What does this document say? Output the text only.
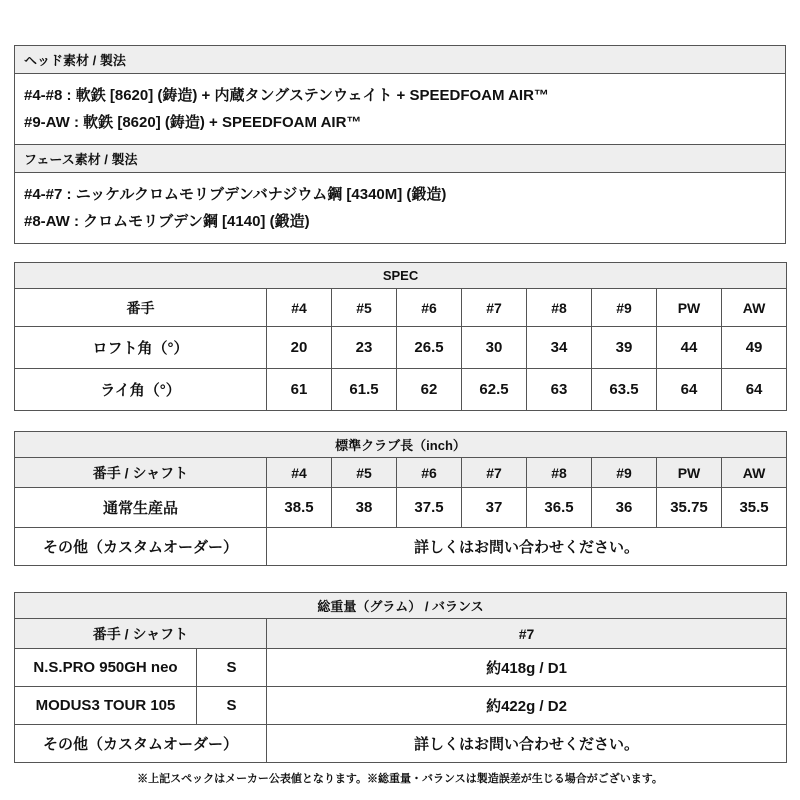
ヘッド素材 / 製法

#4-#8 : 軟鉄 [8620] (鋳造) + 内蔵タングステンウェイト + SPEEDFOAM AIR™
#9-AW : 軟鉄 [8620] (鋳造) + SPEEDFOAM AIR™

フェース素材 / 製法

#4-#7 : ニッケルクロムモリブデンバナジウム鋼 [4340M] (鍛造)
#8-AW : クロムモリブデン鋼 [4140] (鍛造)
SPEC								
番手	#4	#5	#6	#7	#8	#9	PW	AW
ロフト角（°）	20	23	26.5	30	34	39	44	49
ライ角（°）	61	61.5	62	62.5	63	63.5	64	64
標準クラブ長（inch）								
番手 / シャフト	#4	#5	#6	#7	#8	#9	PW	AW
通常生産品	38.5	38	37.5	37	36.5	36	35.75	35.5
その他（カスタムオーダー）	詳しくはお問い合わせください。							
総重量（グラム） / バランス		
番手 / シャフト		#7
N.S.PRO 950GH neo	S	約418g / D1
MODUS3 TOUR 105	S	約422g / D2
その他（カスタムオーダー）		詳しくはお問い合わせください。
※上記スペックはメーカー公表値となります。※総重量・バランスは製造誤差が生じる場合がございます。
